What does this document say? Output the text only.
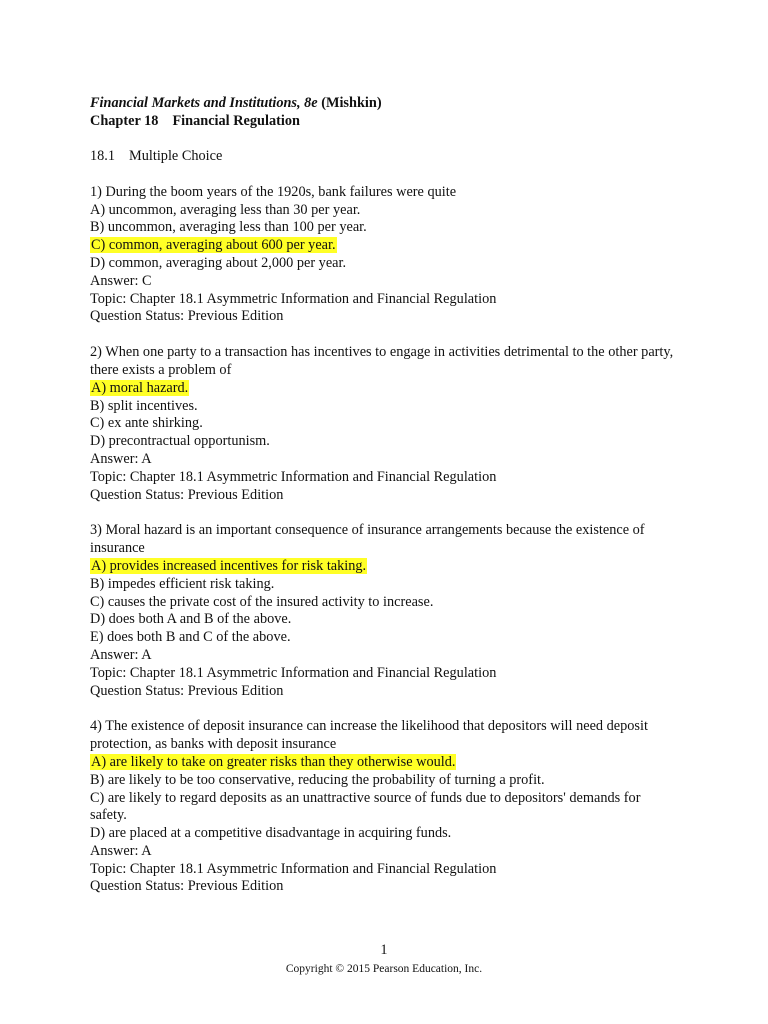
Financial Markets and Institutions, 8e (Mishkin)
Chapter 18 Financial Regulation
18.1 Multiple Choice
1) During the boom years of the 1920s, bank failures were quite
A) uncommon, averaging less than 30 per year.
B) uncommon, averaging less than 100 per year.
C) common, averaging about 600 per year.
D) common, averaging about 2,000 per year.
Answer: C
Topic: Chapter 18.1 Asymmetric Information and Financial Regulation
Question Status: Previous Edition
2) When one party to a transaction has incentives to engage in activities detrimental to the other party, there exists a problem of
A) moral hazard.
B) split incentives.
C) ex ante shirking.
D) precontractual opportunism.
Answer: A
Topic: Chapter 18.1 Asymmetric Information and Financial Regulation
Question Status: Previous Edition
3) Moral hazard is an important consequence of insurance arrangements because the existence of insurance
A) provides increased incentives for risk taking.
B) impedes efficient risk taking.
C) causes the private cost of the insured activity to increase.
D) does both A and B of the above.
E) does both B and C of the above.
Answer: A
Topic: Chapter 18.1 Asymmetric Information and Financial Regulation
Question Status: Previous Edition
4) The existence of deposit insurance can increase the likelihood that depositors will need deposit protection, as banks with deposit insurance
A) are likely to take on greater risks than they otherwise would.
B) are likely to be too conservative, reducing the probability of turning a profit.
C) are likely to regard deposits as an unattractive source of funds due to depositors' demands for safety.
D) are placed at a competitive disadvantage in acquiring funds.
Answer: A
Topic: Chapter 18.1 Asymmetric Information and Financial Regulation
Question Status: Previous Edition
1
Copyright © 2015 Pearson Education, Inc.
